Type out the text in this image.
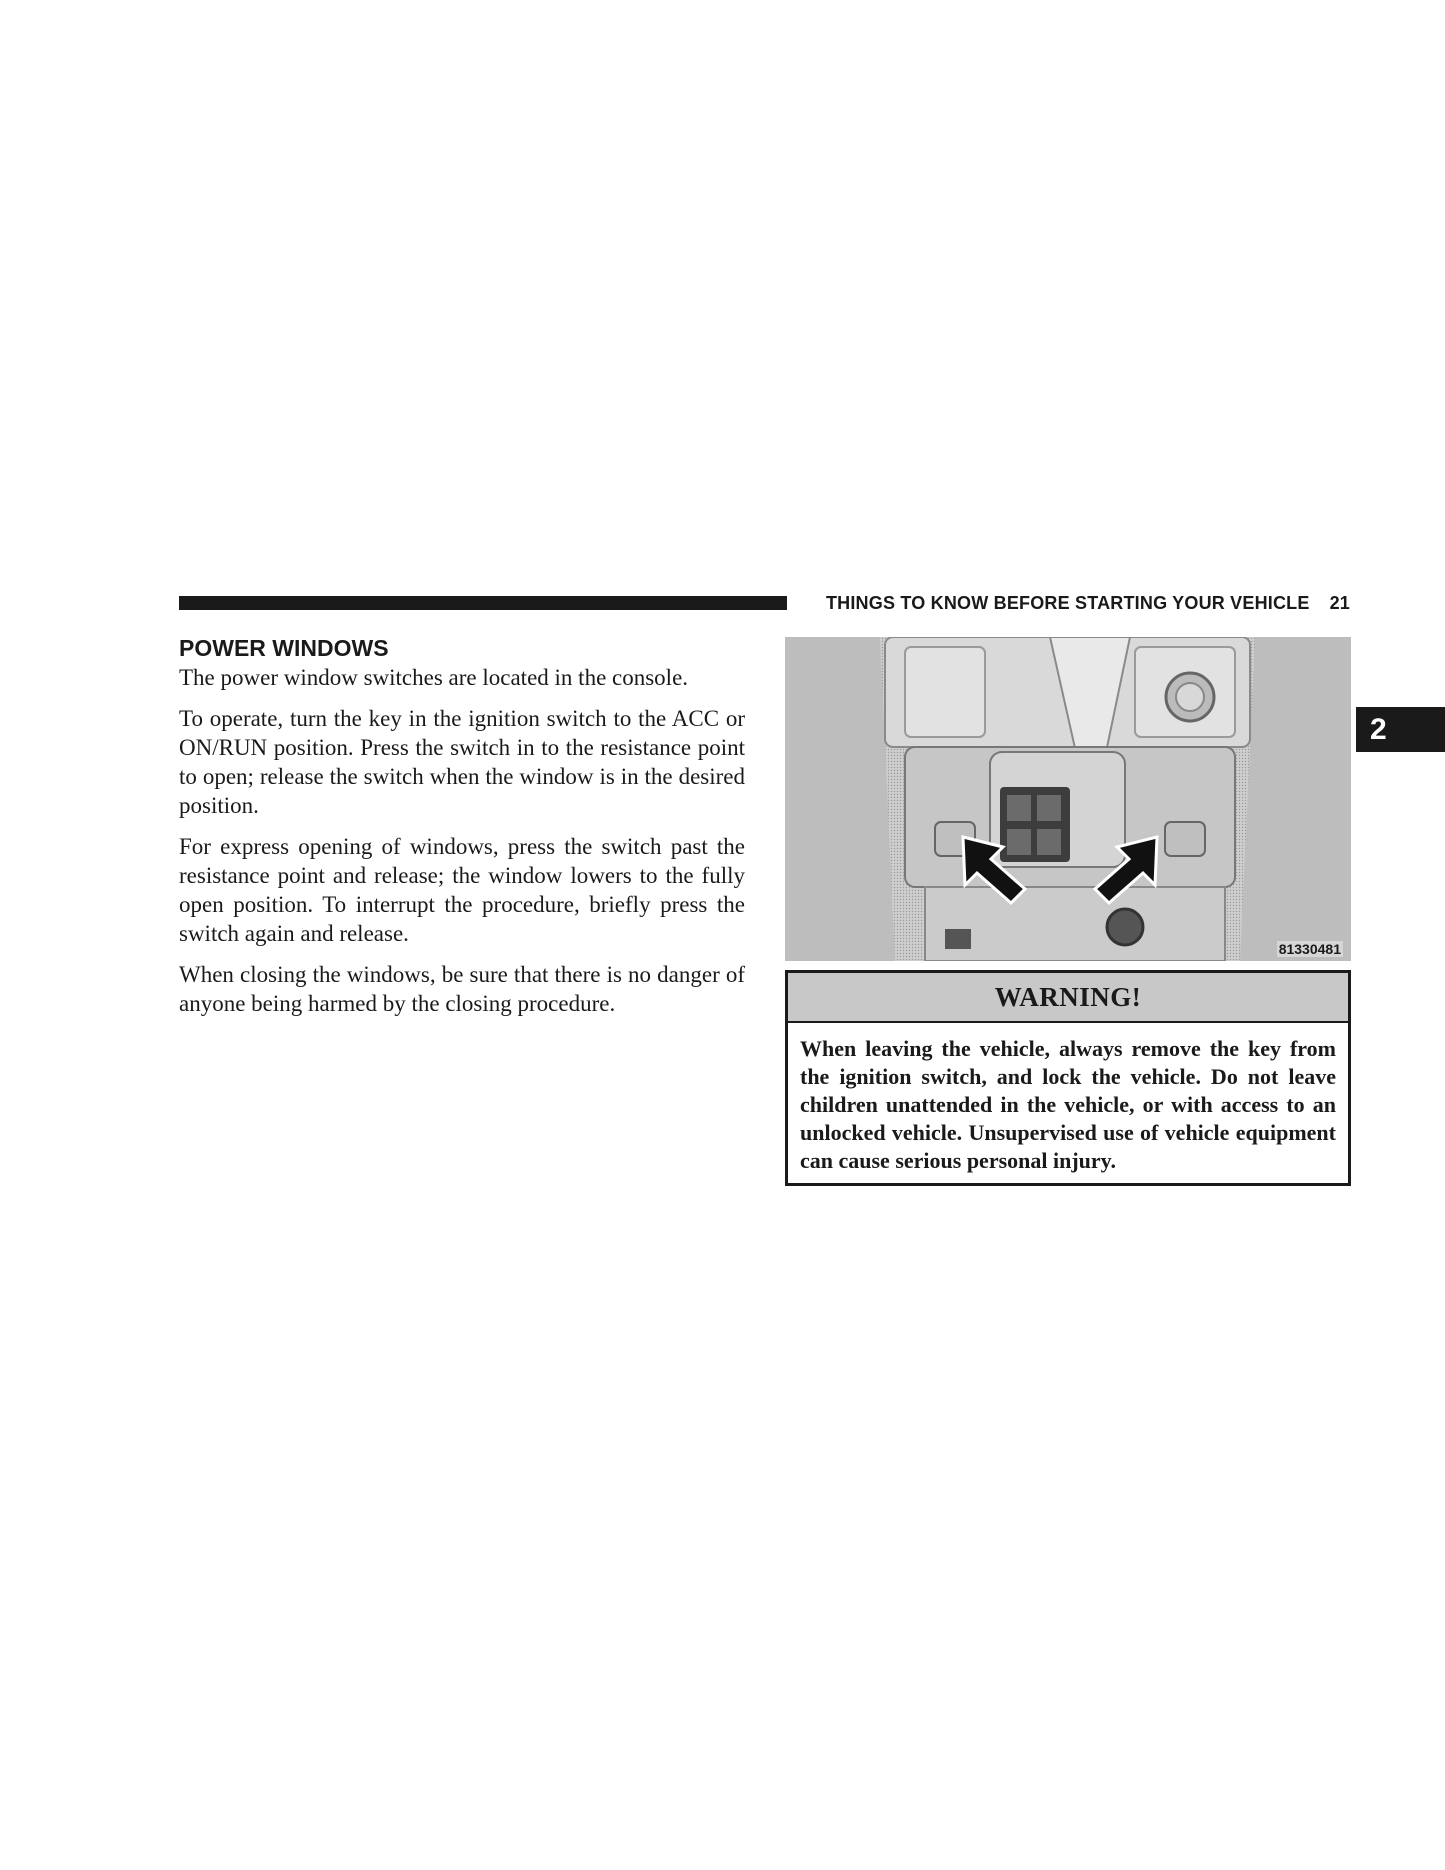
THINGS TO KNOW BEFORE STARTING YOUR VEHICLE 21
2
POWER WINDOWS

The power window switches are located in the console.

To operate, turn the key in the ignition switch to the ACC or ON/RUN position. Press the switch in to the resistance point to open; release the switch when the window is in the desired position.

For express opening of windows, press the switch past the resistance point and release; the window lowers to the fully open position. To interrupt the procedure, briefly press the switch again and release.

When closing the windows, be sure that there is no danger of anyone being harmed by the closing procedure.

81330481
WARNING!
When leaving the vehicle, always remove the key from the ignition switch, and lock the vehicle. Do not leave children unattended in the vehicle, or with access to an unlocked vehicle. Unsupervised use of vehicle equipment can cause serious personal injury.
